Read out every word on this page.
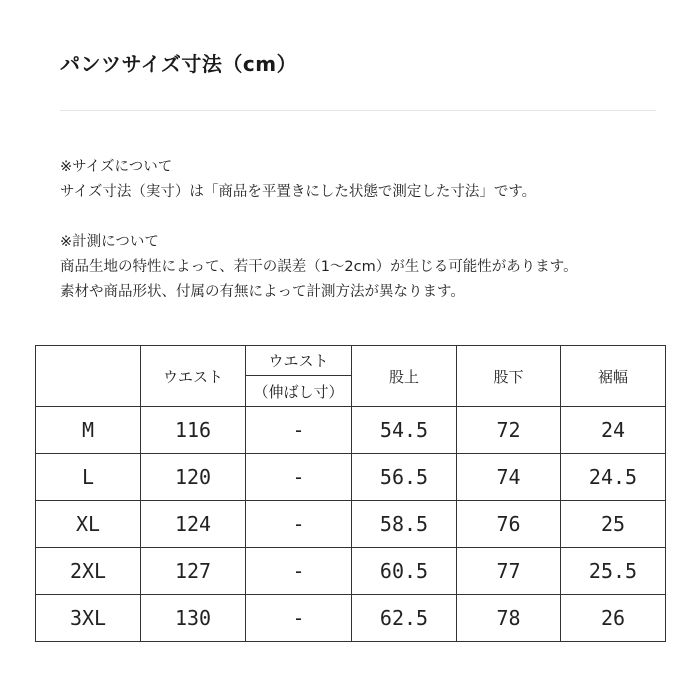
パンツサイズ寸法（cm）
※サイズについて
サイズ寸法（実寸）は「商品を平置きにした状態で測定した寸法」です。
※計測について
商品生地の特性によって、若干の誤差（1～2cm）が生じる可能性があります。
素材や商品形状、付属の有無によって計測方法が異なります。
	ウエスト	ウエスト	股上	股下	裾幅
		（伸ばし寸）			
M	116	-	54.5	72	24
L	120	-	56.5	74	24.5
XL	124	-	58.5	76	25
2XL	127	-	60.5	77	25.5
3XL	130	-	62.5	78	26
